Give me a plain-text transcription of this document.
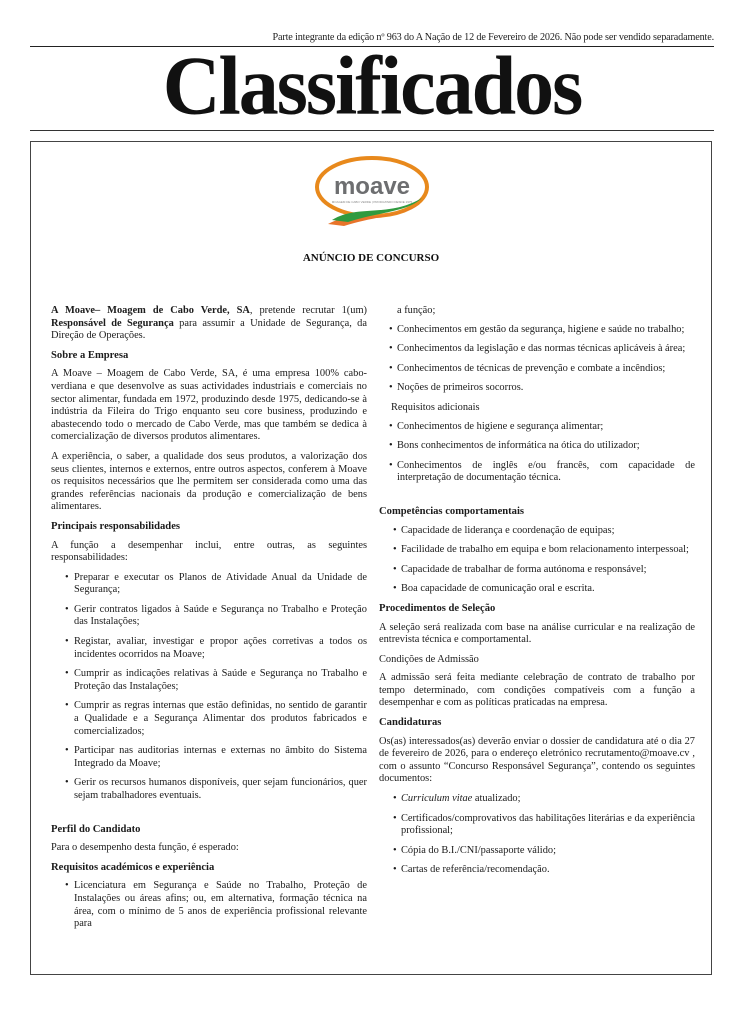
Parte integrante da edição nº 963 do A Nação de 12 de Fevereiro de 2026. Não pode ser vendido separadamente.
Classificados
moave
MOAGEM DE CABO VERDE | PRODUZINDO DESDE 1975
ANÚNCIO DE CONCURSO

A Moave– Moagem de Cabo Verde, SA, pretende recrutar 1(um) Responsável de Segurança para assumir a Unidade de Segurança, da Direção de Operações.

Sobre a Empresa

A Moave – Moagem de Cabo Verde, SA, é uma empresa 100% cabo-verdiana e que desenvolve as suas actividades industriais e comerciais no sector alimentar, fundada em 1972, produzindo desde 1975, dedicando-se à indústria da Fileira do Trigo enquanto seu core business, produzindo e abastecendo todo o mercado de Cabo Verde, mas que também se dedica à comercialização de diversos produtos alimentares.

A experiência, o saber, a qualidade dos seus produtos, a valorização dos seus clientes, internos e externos, entre outros aspectos, conferem à Moave os requisitos necessários que lhe permitem ser considerada como uma das grandes referências nacionais da produção e comercialização de bens alimentares.

Principais responsabilidades

A função a desempenhar inclui, entre outras, as seguintes responsabilidades:

• Preparar e executar os Planos de Atividade Anual da Unidade de Segurança;
• Gerir contratos ligados à Saúde e Segurança no Trabalho e Proteção das Instalações;
• Registar, avaliar, investigar e propor ações corretivas a todos os incidentes ocorridos na Moave;
• Cumprir as indicações relativas à Saúde e Segurança no Trabalho e Proteção das Instalações;
• Cumprir as regras internas que estão definidas, no sentido de garantir a Qualidade e a Segurança Alimentar dos produtos fabricados e comercializados;
• Participar nas auditorias internas e externas no âmbito do Sistema Integrado da Moave;
• Gerir os recursos humanos disponíveis, quer sejam funcionários, quer sejam trabalhadores eventuais.
Perfil do Candidato

Para o desempenho desta função, é esperado:

Requisitos académicos e experiência
• Licenciatura em Segurança e Saúde no Trabalho, Proteção de Instalações ou áreas afins; ou, em alternativa, formação técnica na área, com o mínimo de 5 anos de experiência profissional relevante para

a função;

• Conhecimentos em gestão da segurança, higiene e saúde no trabalho;
• Conhecimentos da legislação e das normas técnicas aplicáveis à área;
• Conhecimentos de técnicas de prevenção e combate a incêndios;
• Noções de primeiros socorros.

Requisitos adicionais

• Conhecimentos de higiene e segurança alimentar;
• Bons conhecimentos de informática na ótica do utilizador;
• Conhecimentos de inglês e/ou francês, com capacidade de interpretação de documentação técnica.
Competências comportamentais
• Capacidade de liderança e coordenação de equipas;
• Facilidade de trabalho em equipa e bom relacionamento interpessoal;
• Capacidade de trabalhar de forma autónoma e responsável;
• Boa capacidade de comunicação oral e escrita.
Procedimentos de Seleção

A seleção será realizada com base na análise curricular e na realização de entrevista técnica e comportamental.

Condições de Admissão

A admissão será feita mediante celebração de contrato de trabalho por tempo determinado, com condições compatíveis com a função a desempenhar e com as políticas praticadas na empresa.

Candidaturas

Os(as) interessados(as) deverão enviar o dossier de candidatura até o dia 27 de fevereiro de 2026, para o endereço eletrónico recrutamento@moave.cv , com o assunto “Concurso Responsável Segurança”, contendo os seguintes documentos:

• Curriculum vitae atualizado;
• Certificados/comprovativos das habilitações literárias e da experiência profissional;
• Cópia do B.I./CNI/passaporte válido;
• Cartas de referência/recomendação.
